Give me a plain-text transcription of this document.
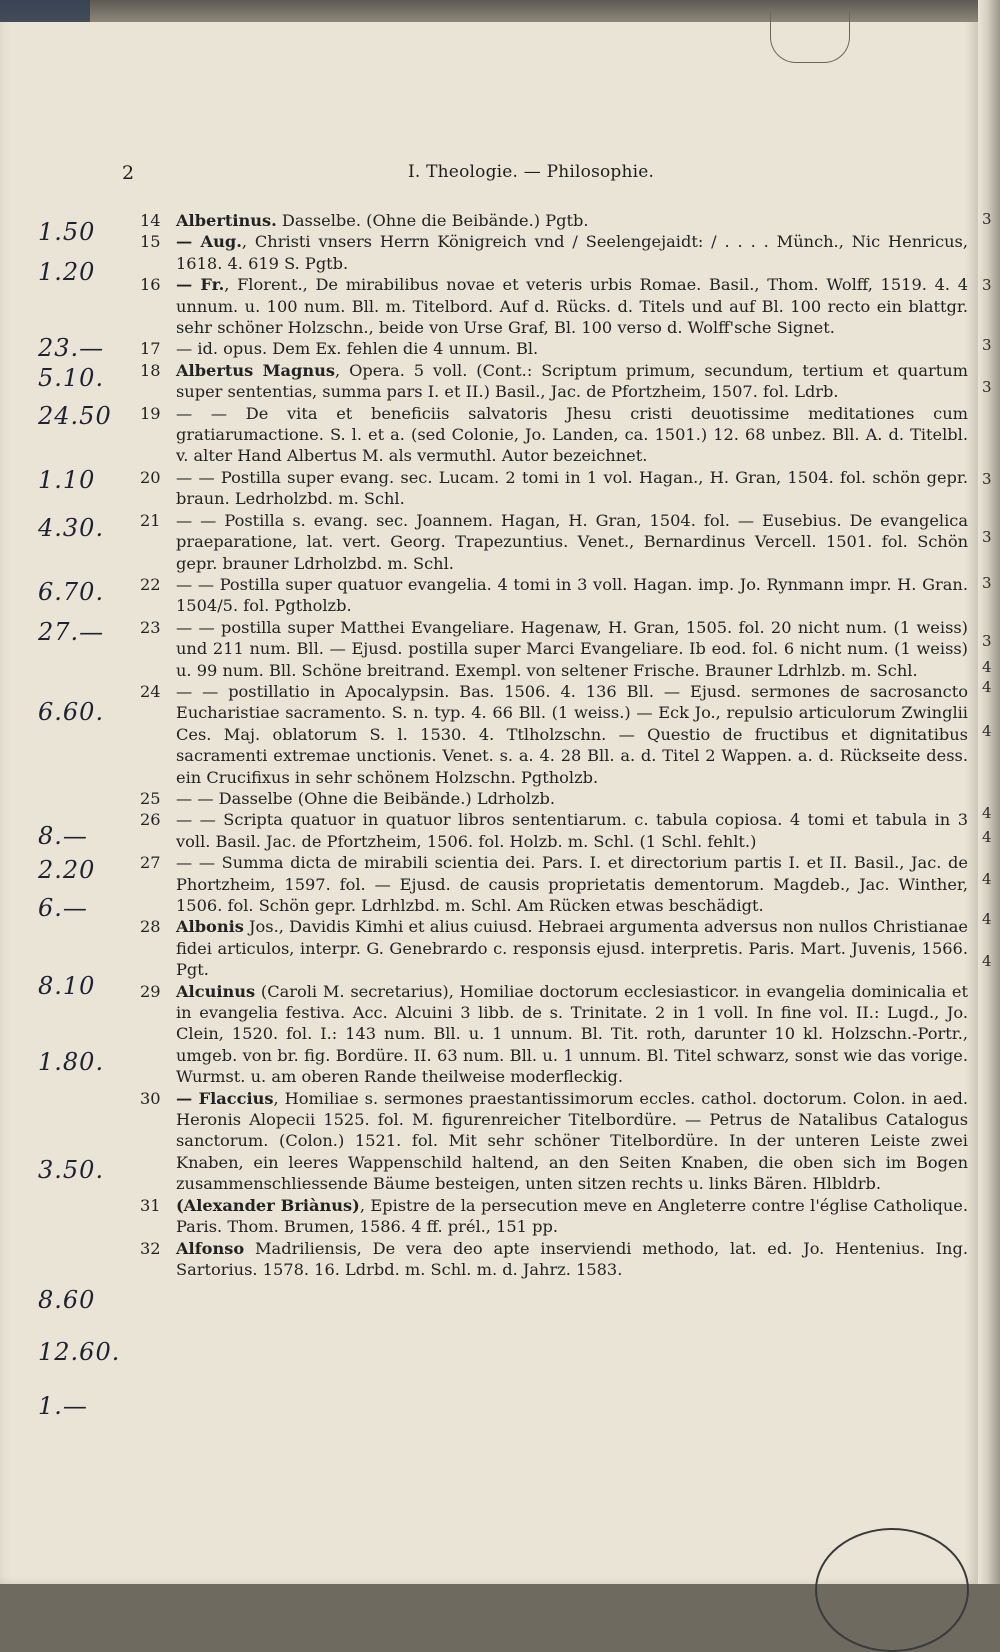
3
3
3
3
3
3
3
3
4
4
4
4
4
4
4
4
2	I. Theologie. — Philosophie.
1.50
1.20
23.—
5.10.
24.50
1.10
4.30.
6.70.
27.—
6.60.
8.—
2.20
6.—
8.10
1.80.
3.50.
8.60
12.60.
1.—
14 Albertinus. Dasselbe. (Ohne die Beibände.) Pgtb.
15 — Aug., Christi vnsers Herrn Königreich vnd / Seelengejaidt: / . . . . Münch., Nic Henricus, 1618. 4. 619 S. Pgtb.
16 — Fr., Florent., De mirabilibus novae et veteris urbis Romae. Basil., Thom. Wolff, 1519. 4. 4 unnum. u. 100 num. Bll. m. Titelbord. Auf d. Rücks. d. Titels und auf Bl. 100 recto ein blattgr. sehr schöner Holzschn., beide von Urse Graf, Bl. 100 verso d. Wolff'sche Signet.
17 — id. opus. Dem Ex. fehlen die 4 unnum. Bl.
18 Albertus Magnus, Opera. 5 voll. (Cont.: Scriptum primum, secundum, tertium et quartum super sententias, summa pars I. et II.) Basil., Jac. de Pfortzheim, 1507. fol. Ldrb.
19 — — De vita et beneficiis salvatoris Jhesu cristi deuotissime meditationes cum gratiarumactione. S. l. et a. (sed Colonie, Jo. Landen, ca. 1501.) 12. 68 unbez. Bll. A. d. Titelbl. v. alter Hand Albertus M. als vermuthl. Autor bezeichnet.
20 — — Postilla super evang. sec. Lucam. 2 tomi in 1 vol. Hagan., H. Gran, 1504. fol. schön gepr. braun. Ledrholzbd. m. Schl.
21 — — Postilla s. evang. sec. Joannem. Hagan, H. Gran, 1504. fol. — Eusebius. De evangelica praeparatione, lat. vert. Georg. Trapezuntius. Venet., Bernardinus Vercell. 1501. fol. Schön gepr. brauner Ldrholzbd. m. Schl.
22 — — Postilla super quatuor evangelia. 4 tomi in 3 voll. Hagan. imp. Jo. Rynmann impr. H. Gran. 1504/5. fol. Pgtholzb.
23 — — postilla super Matthei Evangeliare. Hagenaw, H. Gran, 1505. fol. 20 nicht num. (1 weiss) und 211 num. Bll. — Ejusd. postilla super Marci Evangeliare. Ib eod. fol. 6 nicht num. (1 weiss) u. 99 num. Bll. Schöne breitrand. Exempl. von seltener Frische. Brauner Ldrhlzb. m. Schl.
24 — — postillatio in Apocalypsin. Bas. 1506. 4. 136 Bll. — Ejusd. sermones de sacrosancto Eucharistiae sacramento. S. n. typ. 4. 66 Bll. (1 weiss.) — Eck Jo., repulsio articulorum Zwinglii Ces. Maj. oblatorum S. l. 1530. 4. Ttlholzschn. — Questio de fructibus et dignitatibus sacramenti extremae unctionis. Venet. s. a. 4. 28 Bll. a. d. Titel 2 Wappen. a. d. Rückseite dess. ein Crucifixus in sehr schönem Holzschn. Pgtholzb.
25 — — Dasselbe (Ohne die Beibände.) Ldrholzb.
26 — — Scripta quatuor in quatuor libros sententiarum. c. tabula copiosa. 4 tomi et tabula in 3 voll. Basil. Jac. de Pfortzheim, 1506. fol. Holzb. m. Schl. (1 Schl. fehlt.)
27 — — Summa dicta de mirabili scientia dei. Pars. I. et directorium partis I. et II. Basil., Jac. de Phortzheim, 1597. fol. — Ejusd. de causis proprietatis dementorum. Magdeb., Jac. Winther, 1506. fol. Schön gepr. Ldrhlzbd. m. Schl. Am Rücken etwas beschädigt.
28 Albonis Jos., Davidis Kimhi et alius cuiusd. Hebraei argumenta adversus non nullos Christianae fidei articulos, interpr. G. Genebrardo c. responsis ejusd. interpretis. Paris. Mart. Juvenis, 1566. Pgt.
29 Alcuinus (Caroli M. secretarius), Homiliae doctorum ecclesiasticor. in evangelia dominicalia et in evangelia festiva. Acc. Alcuini 3 libb. de s. Trinitate. 2 in 1 voll. In fine vol. II.: Lugd., Jo. Clein, 1520. fol. I.: 143 num. Bll. u. 1 unnum. Bl. Tit. roth, darunter 10 kl. Holzschn.-Portr., umgeb. von br. fig. Bordüre. II. 63 num. Bll. u. 1 unnum. Bl. Titel schwarz, sonst wie das vorige. Wurmst. u. am oberen Rande theilweise moderfleckig.
30 — Flaccius, Homiliae s. sermones praestantissimorum eccles. cathol. doctorum. Colon. in aed. Heronis Alopecii 1525. fol. M. figurenreicher Titelbordüre. — Petrus de Natalibus Catalogus sanctorum. (Colon.) 1521. fol. Mit sehr schöner Titelbordüre. In der unteren Leiste zwei Knaben, ein leeres Wappenschild haltend, an den Seiten Knaben, die oben sich im Bogen zusammenschliessende Bäume besteigen, unten sitzen rechts u. links Bären. Hlbldrb.
31 (Alexander Briànus), Epistre de la persecution meve en Angleterre contre l'église Catholique. Paris. Thom. Brumen, 1586. 4 ff. prél., 151 pp.
32 Alfonso Madriliensis, De vera deo apte inserviendi methodo, lat. ed. Jo. Hentenius. Ing. Sartorius. 1578. 16. Ldrbd. m. Schl. m. d. Jahrz. 1583.
